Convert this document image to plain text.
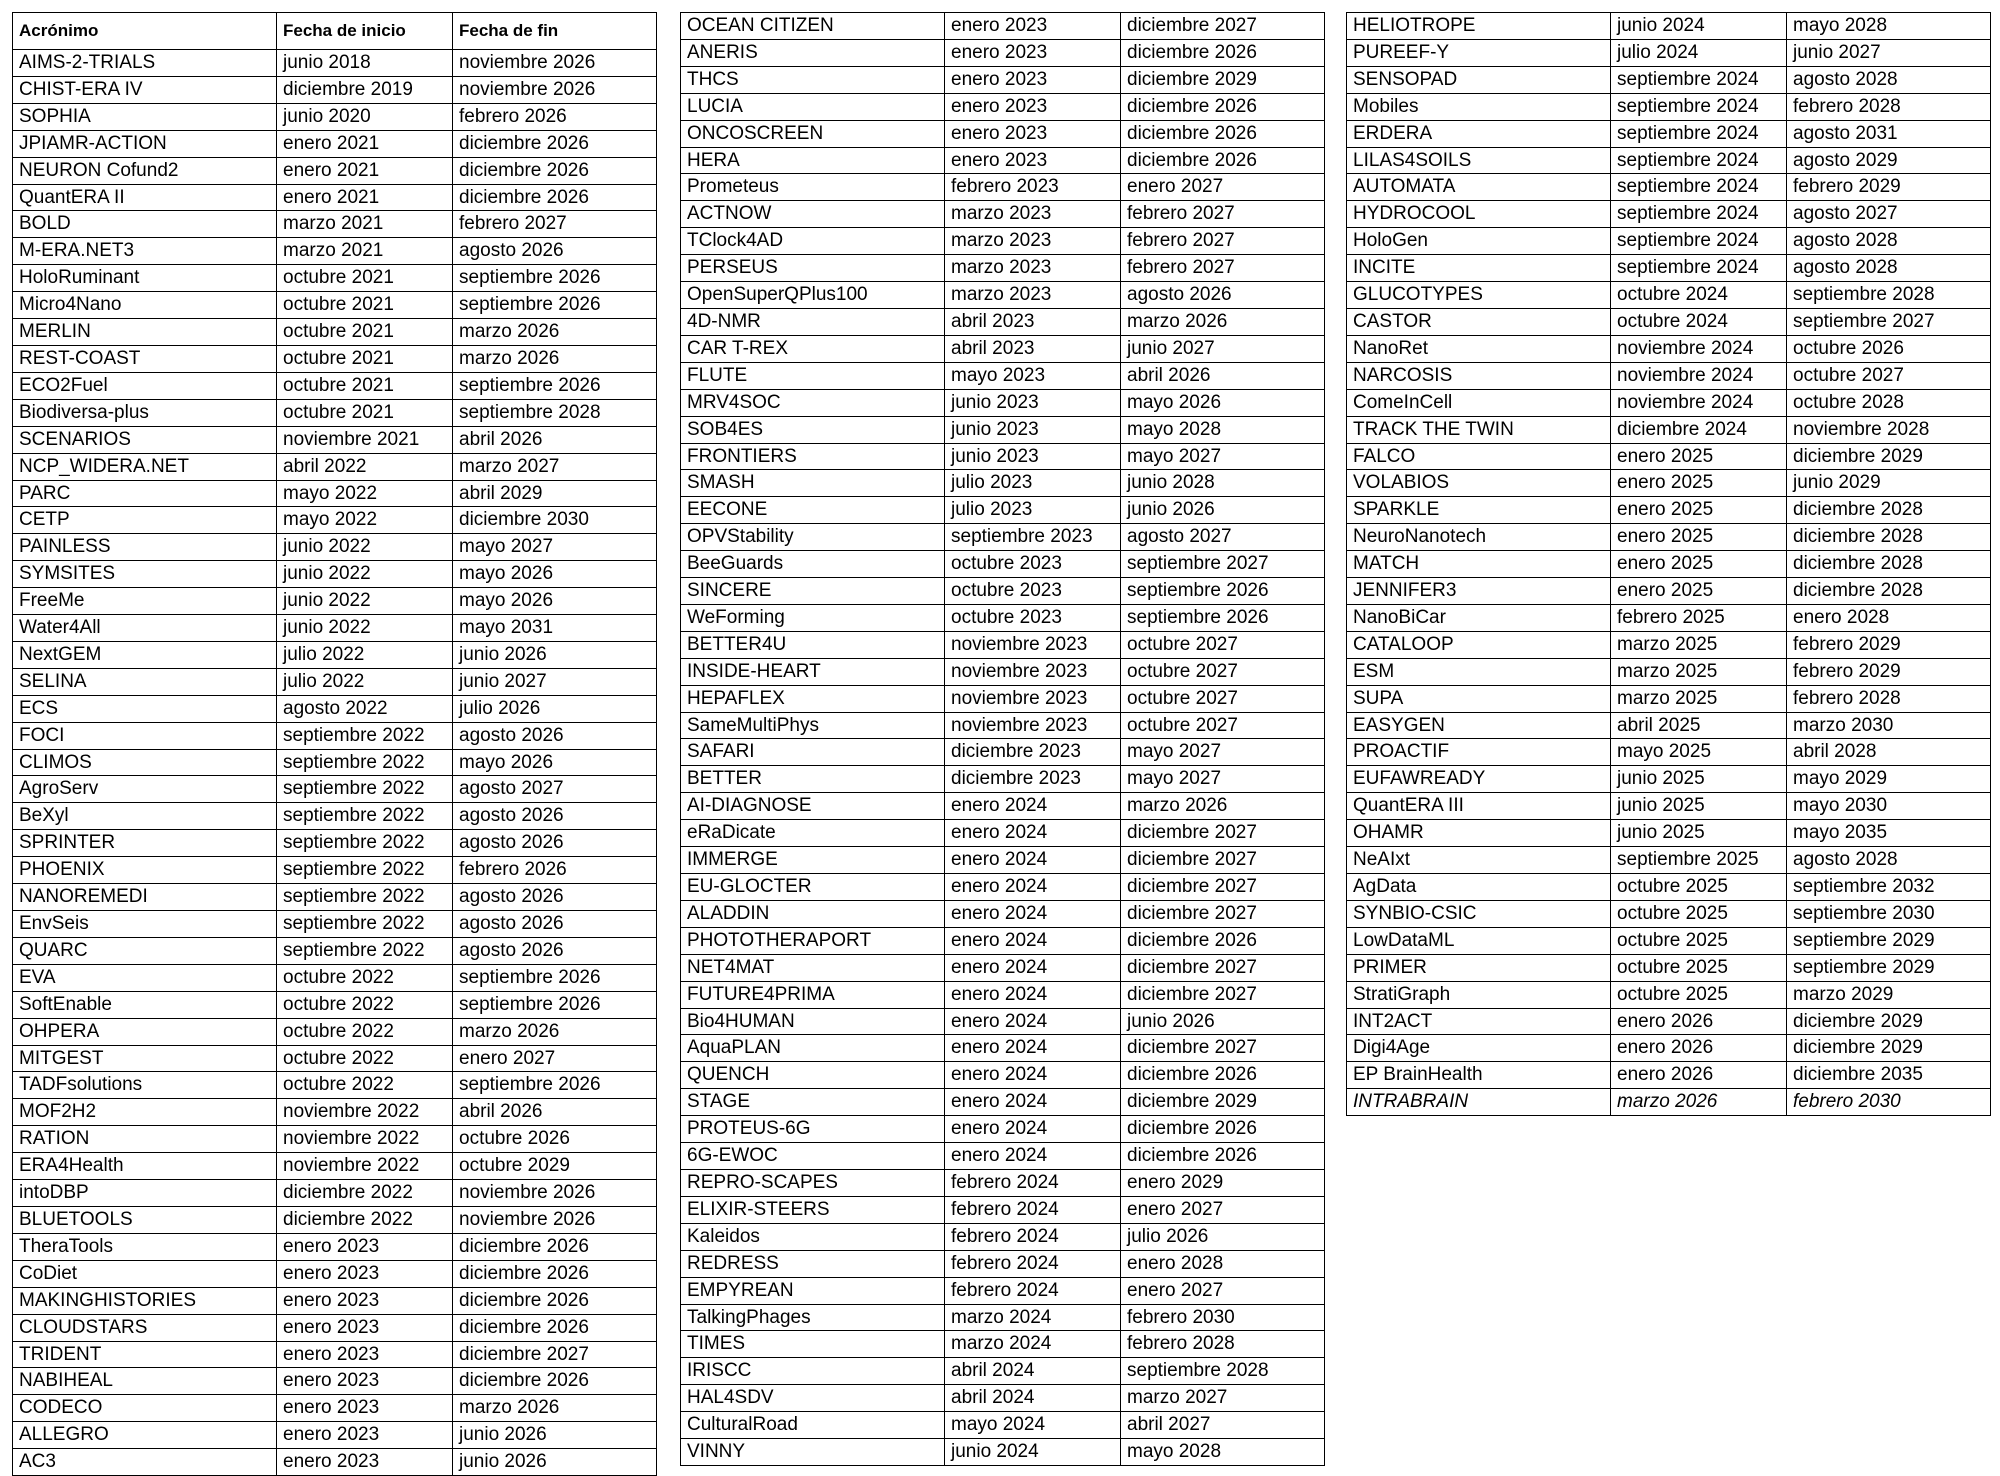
Acrónimo	Fecha de inicio	Fecha de fin
AIMS-2-TRIALS	junio 2018	noviembre 2026
CHIST-ERA IV	diciembre 2019	noviembre 2026
SOPHIA	junio 2020	febrero 2026
JPIAMR-ACTION	enero 2021	diciembre 2026
NEURON Cofund2	enero 2021	diciembre 2026
QuantERA II	enero 2021	diciembre 2026
BOLD	marzo 2021	febrero 2027
M-ERA.NET3	marzo 2021	agosto 2026
HoloRuminant	octubre 2021	septiembre 2026
Micro4Nano	octubre 2021	septiembre 2026
MERLIN	octubre 2021	marzo 2026
REST-COAST	octubre 2021	marzo 2026
ECO2Fuel	octubre 2021	septiembre 2026
Biodiversa-plus	octubre 2021	septiembre 2028
SCENARIOS	noviembre 2021	abril 2026
NCP_WIDERA.NET	abril 2022	marzo 2027
PARC	mayo 2022	abril 2029
CETP	mayo 2022	diciembre 2030
PAINLESS	junio 2022	mayo 2027
SYMSITES	junio 2022	mayo 2026
FreeMe	junio 2022	mayo 2026
Water4All	junio 2022	mayo 2031
NextGEM	julio 2022	junio 2026
SELINA	julio 2022	junio 2027
ECS	agosto 2022	julio 2026
FOCI	septiembre 2022	agosto 2026
CLIMOS	septiembre 2022	mayo 2026
AgroServ	septiembre 2022	agosto 2027
BeXyl	septiembre 2022	agosto 2026
SPRINTER	septiembre 2022	agosto 2026
PHOENIX	septiembre 2022	febrero 2026
NANOREMEDI	septiembre 2022	agosto 2026
EnvSeis	septiembre 2022	agosto 2026
QUARC	septiembre 2022	agosto 2026
EVA	octubre 2022	septiembre 2026
SoftEnable	octubre 2022	septiembre 2026
OHPERA	octubre 2022	marzo 2026
MITGEST	octubre 2022	enero 2027
TADFsolutions	octubre 2022	septiembre 2026
MOF2H2	noviembre 2022	abril 2026
RATION	noviembre 2022	octubre 2026
ERA4Health	noviembre 2022	octubre 2029
intoDBP	diciembre 2022	noviembre 2026
BLUETOOLS	diciembre 2022	noviembre 2026
TheraTools	enero 2023	diciembre 2026
CoDiet	enero 2023	diciembre 2026
MAKINGHISTORIES	enero 2023	diciembre 2026
CLOUDSTARS	enero 2023	diciembre 2026
TRIDENT	enero 2023	diciembre 2027
NABIHEAL	enero 2023	diciembre 2026
CODECO	enero 2023	marzo 2026
ALLEGRO	enero 2023	junio 2026
AC3	enero 2023	junio 2026
OCEAN CITIZEN	enero 2023	diciembre 2027
ANERIS	enero 2023	diciembre 2026
THCS	enero 2023	diciembre 2029
LUCIA	enero 2023	diciembre 2026
ONCOSCREEN	enero 2023	diciembre 2026
HERA	enero 2023	diciembre 2026
Prometeus	febrero 2023	enero 2027
ACTNOW	marzo 2023	febrero 2027
TClock4AD	marzo 2023	febrero 2027
PERSEUS	marzo 2023	febrero 2027
OpenSuperQPlus100	marzo 2023	agosto 2026
4D-NMR	abril 2023	marzo 2026
CAR T-REX	abril 2023	junio 2027
FLUTE	mayo 2023	abril 2026
MRV4SOC	junio 2023	mayo 2026
SOB4ES	junio 2023	mayo 2028
FRONTIERS	junio 2023	mayo 2027
SMASH	julio 2023	junio 2028
EECONE	julio 2023	junio 2026
OPVStability	septiembre 2023	agosto 2027
BeeGuards	octubre 2023	septiembre 2027
SINCERE	octubre 2023	septiembre 2026
WeForming	octubre 2023	septiembre 2026
BETTER4U	noviembre 2023	octubre 2027
INSIDE-HEART	noviembre 2023	octubre 2027
HEPAFLEX	noviembre 2023	octubre 2027
SameMultiPhys	noviembre 2023	octubre 2027
SAFARI	diciembre 2023	mayo 2027
BETTER	diciembre 2023	mayo 2027
AI-DIAGNOSE	enero 2024	marzo 2026
eRaDicate	enero 2024	diciembre 2027
IMMERGE	enero 2024	diciembre 2027
EU-GLOCTER	enero 2024	diciembre 2027
ALADDIN	enero 2024	diciembre 2027
PHOTOTHERAPORT	enero 2024	diciembre 2026
NET4MAT	enero 2024	diciembre 2027
FUTURE4PRIMA	enero 2024	diciembre 2027
Bio4HUMAN	enero 2024	junio 2026
AquaPLAN	enero 2024	diciembre 2027
QUENCH	enero 2024	diciembre 2026
STAGE	enero 2024	diciembre 2029
PROTEUS-6G	enero 2024	diciembre 2026
6G-EWOC	enero 2024	diciembre 2026
REPRO-SCAPES	febrero 2024	enero 2029
ELIXIR-STEERS	febrero 2024	enero 2027
Kaleidos	febrero 2024	julio 2026
REDRESS	febrero 2024	enero 2028
EMPYREAN	febrero 2024	enero 2027
TalkingPhages	marzo 2024	febrero 2030
TIMES	marzo 2024	febrero 2028
IRISCC	abril 2024	septiembre 2028
HAL4SDV	abril 2024	marzo 2027
CulturalRoad	mayo 2024	abril 2027
VINNY	junio 2024	mayo 2028
HELIOTROPE	junio 2024	mayo 2028
PUREEF-Y	julio 2024	junio 2027
SENSOPAD	septiembre 2024	agosto 2028
Mobiles	septiembre 2024	febrero 2028
ERDERA	septiembre 2024	agosto 2031
LILAS4SOILS	septiembre 2024	agosto 2029
AUTOMATA	septiembre 2024	febrero 2029
HYDROCOOL	septiembre 2024	agosto 2027
HoloGen	septiembre 2024	agosto 2028
INCITE	septiembre 2024	agosto 2028
GLUCOTYPES	octubre 2024	septiembre 2028
CASTOR	octubre 2024	septiembre 2027
NanoRet	noviembre 2024	octubre 2026
NARCOSIS	noviembre 2024	octubre 2027
ComeInCell	noviembre 2024	octubre 2028
TRACK THE TWIN	diciembre 2024	noviembre 2028
FALCO	enero 2025	diciembre 2029
VOLABIOS	enero 2025	junio 2029
SPARKLE	enero 2025	diciembre 2028
NeuroNanotech	enero 2025	diciembre 2028
MATCH	enero 2025	diciembre 2028
JENNIFER3	enero 2025	diciembre 2028
NanoBiCar	febrero 2025	enero 2028
CATALOOP	marzo 2025	febrero 2029
ESM	marzo 2025	febrero 2029
SUPA	marzo 2025	febrero 2028
EASYGEN	abril 2025	marzo 2030
PROACTIF	mayo 2025	abril 2028
EUFAWREADY	junio 2025	mayo 2029
QuantERA III	junio 2025	mayo 2030
OHAMR	junio 2025	mayo 2035
NeAIxt	septiembre 2025	agosto 2028
AgData	octubre 2025	septiembre 2032
SYNBIO-CSIC	octubre 2025	septiembre 2030
LowDataML	octubre 2025	septiembre 2029
PRIMER	octubre 2025	septiembre 2029
StratiGraph	octubre 2025	marzo 2029
INT2ACT	enero 2026	diciembre 2029
Digi4Age	enero 2026	diciembre 2029
EP BrainHealth	enero 2026	diciembre 2035
INTRABRAIN	marzo 2026	febrero 2030
